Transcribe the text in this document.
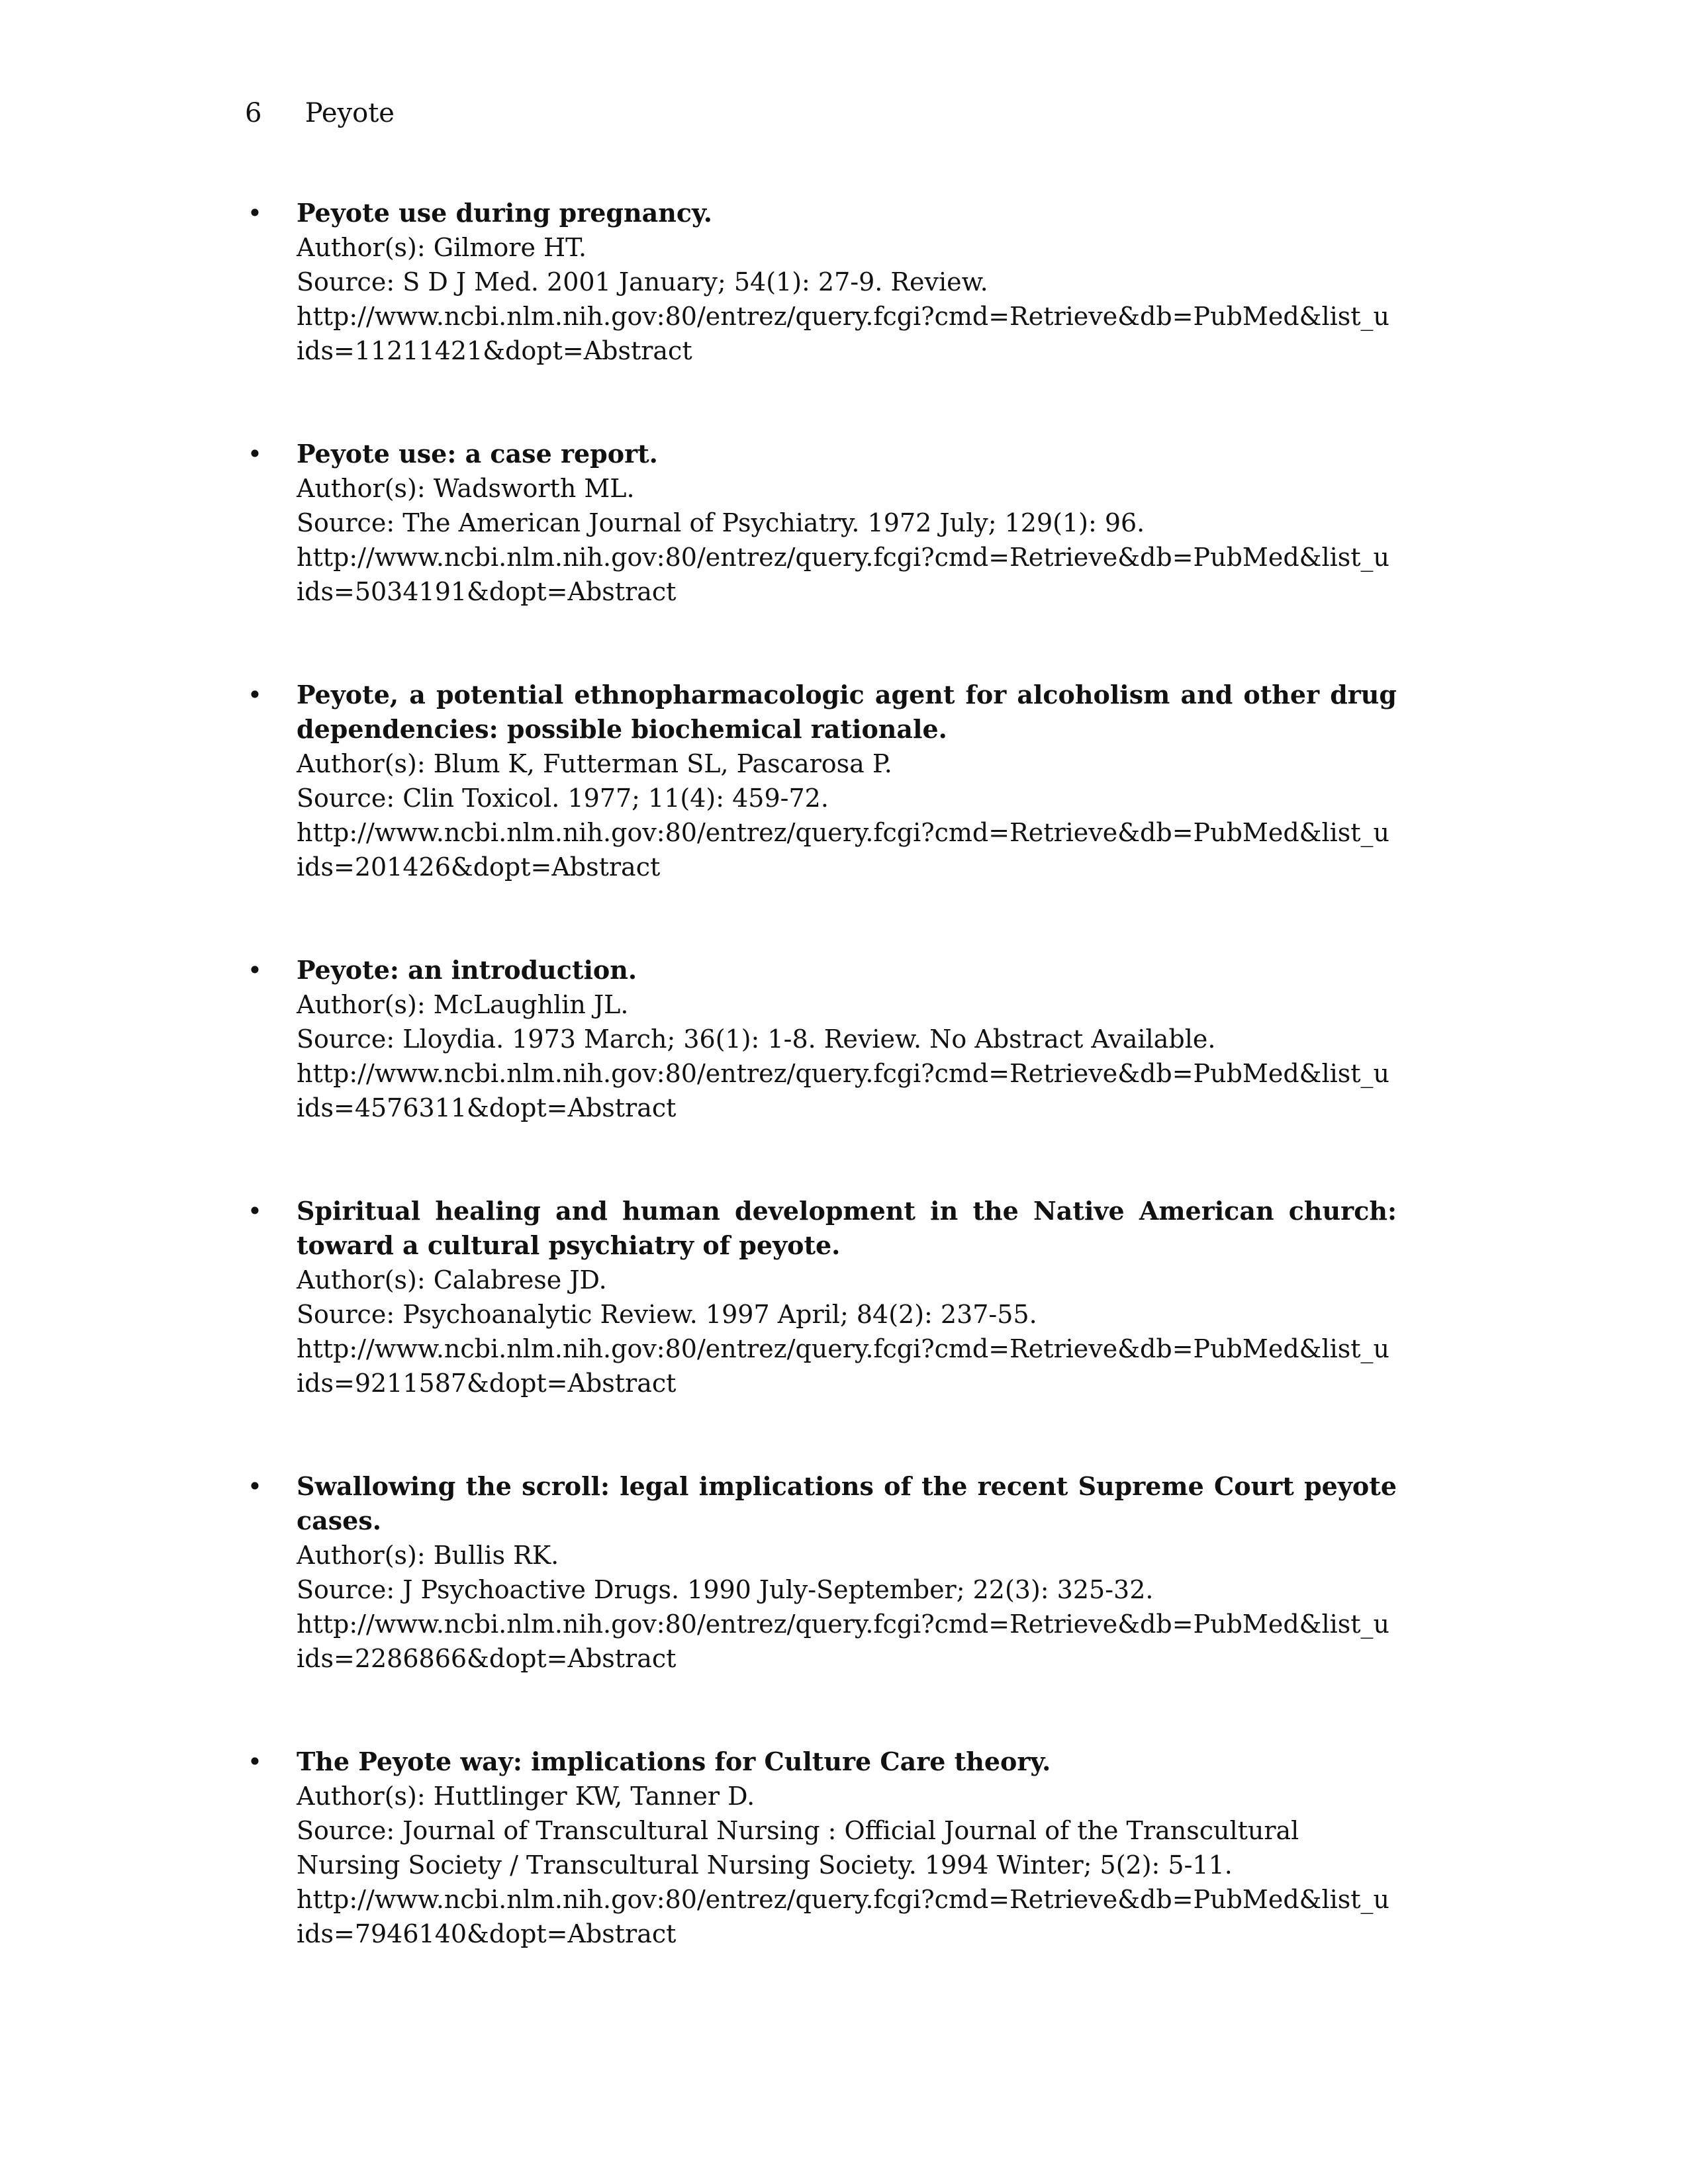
6 Peyote
• Peyote use during pregnancy.
Author(s): Gilmore HT.
Source: S D J Med. 2001 January; 54(1): 27-9. Review.
http://www.ncbi.nlm.nih.gov:80/entrez/query.fcgi?cmd=Retrieve&db=PubMed&list_uids=11211421&dopt=Abstract
• Peyote use: a case report.
Author(s): Wadsworth ML.
Source: The American Journal of Psychiatry. 1972 July; 129(1): 96.
http://www.ncbi.nlm.nih.gov:80/entrez/query.fcgi?cmd=Retrieve&db=PubMed&list_uids=5034191&dopt=Abstract
• Peyote, a potential ethnopharmacologic agent for alcoholism and other drug dependencies: possible biochemical rationale.
Author(s): Blum K, Futterman SL, Pascarosa P.
Source: Clin Toxicol. 1977; 11(4): 459-72.
http://www.ncbi.nlm.nih.gov:80/entrez/query.fcgi?cmd=Retrieve&db=PubMed&list_uids=201426&dopt=Abstract
• Peyote: an introduction.
Author(s): McLaughlin JL.
Source: Lloydia. 1973 March; 36(1): 1-8. Review. No Abstract Available.
http://www.ncbi.nlm.nih.gov:80/entrez/query.fcgi?cmd=Retrieve&db=PubMed&list_uids=4576311&dopt=Abstract
• Spiritual healing and human development in the Native American church: toward a cultural psychiatry of peyote.
Author(s): Calabrese JD.
Source: Psychoanalytic Review. 1997 April; 84(2): 237-55.
http://www.ncbi.nlm.nih.gov:80/entrez/query.fcgi?cmd=Retrieve&db=PubMed&list_uids=9211587&dopt=Abstract
• Swallowing the scroll: legal implications of the recent Supreme Court peyote cases.
Author(s): Bullis RK.
Source: J Psychoactive Drugs. 1990 July-September; 22(3): 325-32.
http://www.ncbi.nlm.nih.gov:80/entrez/query.fcgi?cmd=Retrieve&db=PubMed&list_uids=2286866&dopt=Abstract
• The Peyote way: implications for Culture Care theory.
Author(s): Huttlinger KW, Tanner D.
Source: Journal of Transcultural Nursing : Official Journal of the Transcultural Nursing Society / Transcultural Nursing Society. 1994 Winter; 5(2): 5-11.
http://www.ncbi.nlm.nih.gov:80/entrez/query.fcgi?cmd=Retrieve&db=PubMed&list_uids=7946140&dopt=Abstract
